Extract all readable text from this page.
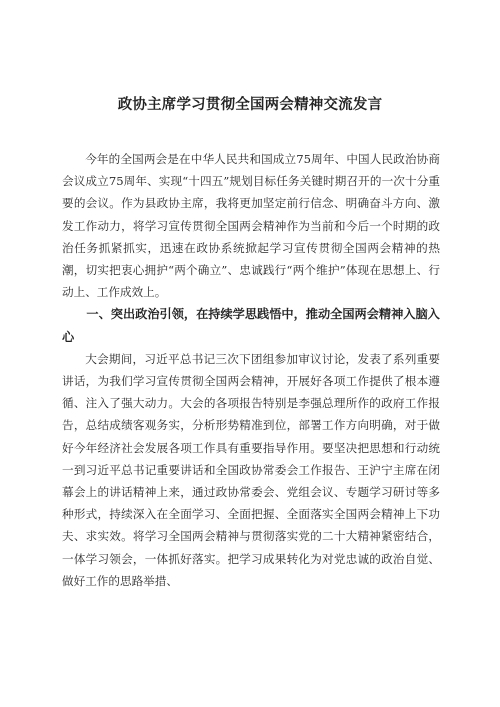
政协主席学习贯彻全国两会精神交流发言

今年的全国两会是在中华人民共和国成立75周年、中国人民政治协商会议成立75周年、实现“十四五”规划目标任务关键时期召开的一次十分重要的会议。作为县政协主席，我将更加坚定前行信念、明确奋斗方向、激发工作动力，将学习宣传贯彻全国两会精神作为当前和今后一个时期的政治任务抓紧抓实，迅速在政协系统掀起学习宣传贯彻全国两会精神的热潮，切实把衷心拥护“两个确立”、忠诚践行“两个维护”体现在思想上、行动上、工作成效上。

一、突出政治引领，在持续学思践悟中，推动全国两会精神入脑入心

大会期间，习近平总书记三次下团组参加审议讨论，发表了系列重要讲话，为我们学习宣传贯彻全国两会精神，开展好各项工作提供了根本遵循、注入了强大动力。大会的各项报告特别是李强总理所作的政府工作报告，总结成绩客观务实，分析形势精准到位，部署工作方向明确，对于做好今年经济社会发展各项工作具有重要指导作用。要坚决把思想和行动统一到习近平总书记重要讲话和全国政协常委会工作报告、王沪宁主席在闭幕会上的讲话精神上来，通过政协常委会、党组会议、专题学习研讨等多种形式，持续深入在全面学习、全面把握、全面落实全国两会精神上下功夫、求实效。将学习全国两会精神与贯彻落实党的二十大精神紧密结合，一体学习领会，一体抓好落实。把学习成果转化为对党忠诚的政治自觉、做好工作的思路举措、
